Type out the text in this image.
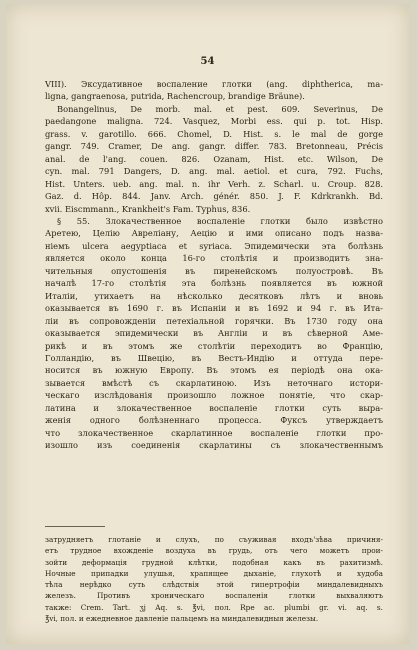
54
VIII). Эксудативное воспаление глотки (ang. diphtherica, ma-
ligna, gangraenosa, putrida, Rachencroup, brandige Bräune).
Bonangelinus, De morb. mal. et pest. 609. Severinus, De
paedangone maligna. 724. Vasquez, Morbi ess. qui p. tot. Hisp.
grass. v. garotillo. 666. Chomel, D. Hist. s. le mal de gorge
gangr. 749. Cramer, De ang. gangr. differ. 783. Bretonneau, Précis
anal. de l'ang. couen. 826. Ozanam, Hist. etc. Wilson, De
cyn. mal. 791 Dangers, D. ang. mal. aetiol. et cura, 792. Fuchs,
Hist. Unters. ueb. ang. mal. n. ihr Verh. z. Scharl. u. Croup. 828.
Gaz. d. Hôp. 844. Janv. Arch. génér. 850. J. F. Kdrkrankh. Bd.
xvii. Eiscmmann., Krankheit's Fam. Typhus, 836.
§ 55. Злокачественное воспаленіе глотки было извѣстно
Аретею, Целію Авреліану, Аецію и ими описано подъ назва-
ніемъ ulcera aegyptiaca et syriaca. Эпидемически эта болѣзнь
является около конца 16-го столѣтія и производитъ зна-
чительныя опустошенія въ пиренейскомъ полуостровѣ. Въ
началѣ 17-го столѣтія эта болѣзнь появляется въ южной
Италіи, утихаетъ на нѣсколько десятковъ лѣтъ и вновь
оказывается въ 1690 г. въ Испаніи и въ 1692 и 94 г. въ Ита-
ліи въ сопровожденіи петехіальной горячки. Въ 1730 году она
оказывается эпидемически въ Англіи и въ сѣверной Амe-
рикѣ и въ этомъ же столѣтіи переходитъ во Францію,
Голландію, въ Швецію, въ Вестъ-Индію и оттуда пере-
носится въ южную Европу. Въ этомъ ея періодѣ она ока-
зывается вмѣстѣ съ скарлатиною. Изъ неточнаго истори-
ческаго изслѣдованія произошло ложное понятіе, что скар-
латина и злокачественное воспаленіе глотки суть выра-
женія одного болѣзненнаго процесса. Фуксъ утверждаетъ
что злокачественное скарлатинное воспаленіе глотки про-
изошло изъ соединенія скарлатины съ злокачественнымъ
затрудняетъ глотаніе и слухъ, по съуживая входъ'зѣва причиня-
етъ трудное вхожденіе воздуха въ грудь, отъ чего можетъ прои-
зойти деформація грудной клѣтки, подобная какъ въ рахитизмѣ.
Ночные припадки улушья, храпящее дыханіе, глухотѣ и худоба
тѣла нерѣдко суть слѣдствія этой гипертрофіи миндалевидныхъ
железъ. Противъ хроническаго воспаленія глотки выхваляютъ
также: Crem. Tart. ʒj Aq. s. ℥vi, пол. Rpe ac. plumbi gr. vi. aq. s.
℥vi, пол. и ежедневное давленіе пальцемъ на миндалевидныя железы.
